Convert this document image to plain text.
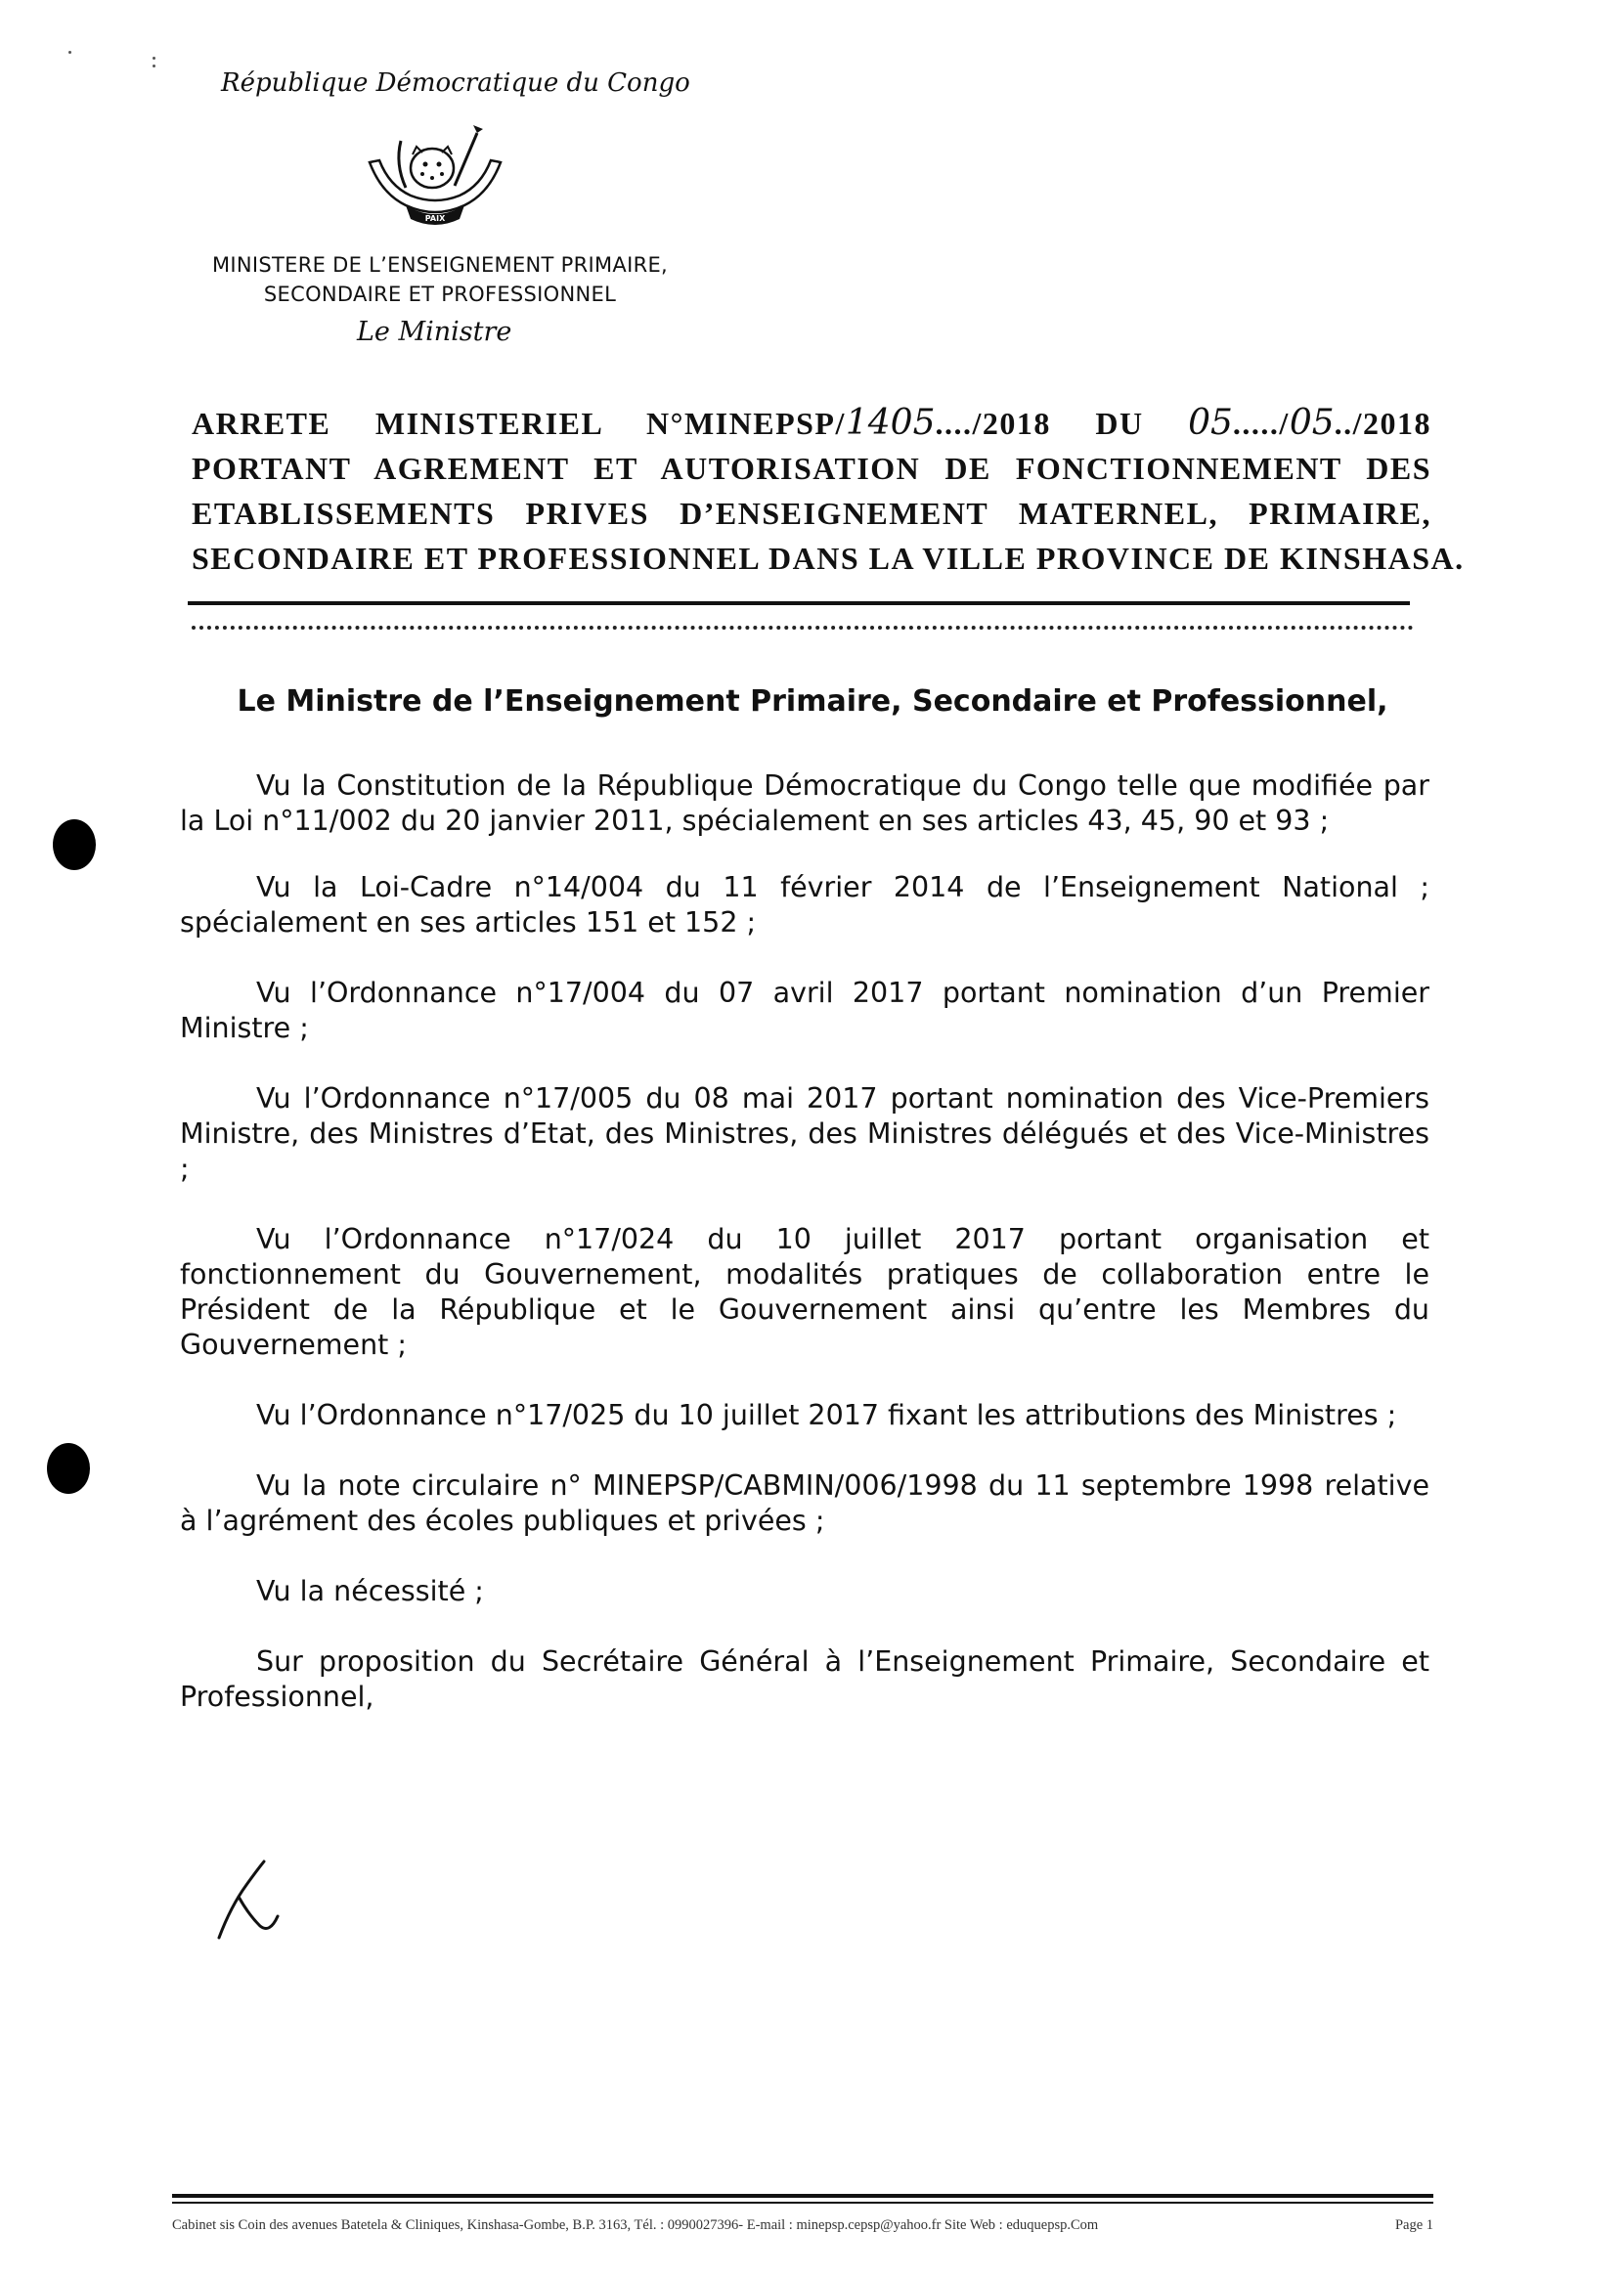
République Démocratique du Congo
PAIX
MINISTERE DE L’ENSEIGNEMENT PRIMAIRE,
SECONDAIRE ET PROFESSIONNEL
Le Ministre
ARRETE MINISTERIEL N°MINEPSP/1405..../2018 DU 05...../05../2018
PORTANT AGREMENT ET AUTORISATION DE FONCTIONNEMENT DES
ETABLISSEMENTS PRIVES D’ENSEIGNEMENT MATERNEL, PRIMAIRE,
SECONDAIRE ET PROFESSIONNEL DANS LA VILLE PROVINCE DE KINSHASA.
Le Ministre de l’Enseignement Primaire, Secondaire et Professionnel,

Vu la Constitution de la République Démocratique du Congo telle que modifiée par la Loi n°11/002 du 20 janvier 2011, spécialement en ses articles 43, 45, 90 et 93 ;

Vu la Loi-Cadre n°14/004 du 11 février 2014 de l’Enseignement National ; spécialement en ses articles 151 et 152 ;

Vu l’Ordonnance n°17/004 du 07 avril 2017 portant nomination d’un Premier Ministre ;

Vu l’Ordonnance n°17/005 du 08 mai 2017 portant nomination des Vice-Premiers Ministre, des Ministres d’Etat, des Ministres, des Ministres délégués et des Vice-Ministres ;

Vu l’Ordonnance n°17/024 du 10 juillet 2017 portant organisation et fonctionnement du Gouvernement, modalités pratiques de collaboration entre le Président de la République et le Gouvernement ainsi qu’entre les Membres du Gouvernement ;

Vu l’Ordonnance n°17/025 du 10 juillet 2017 fixant les attributions des Ministres ;

Vu la note circulaire n° MINEPSP/CABMIN/006/1998 du 11 septembre 1998 relative à l’agrément des écoles publiques et privées ;

Vu la nécessité ;

Sur proposition du Secrétaire Général à l’Enseignement Primaire, Secondaire et Professionnel,

Cabinet sis Coin des avenues Batetela & Cliniques, Kinshasa-Gombe, B.P. 3163, Tél. : 0990027396- E-mail : minepsp.cepsp@yahoo.fr Site Web : eduquepsp.Com	Page 1
